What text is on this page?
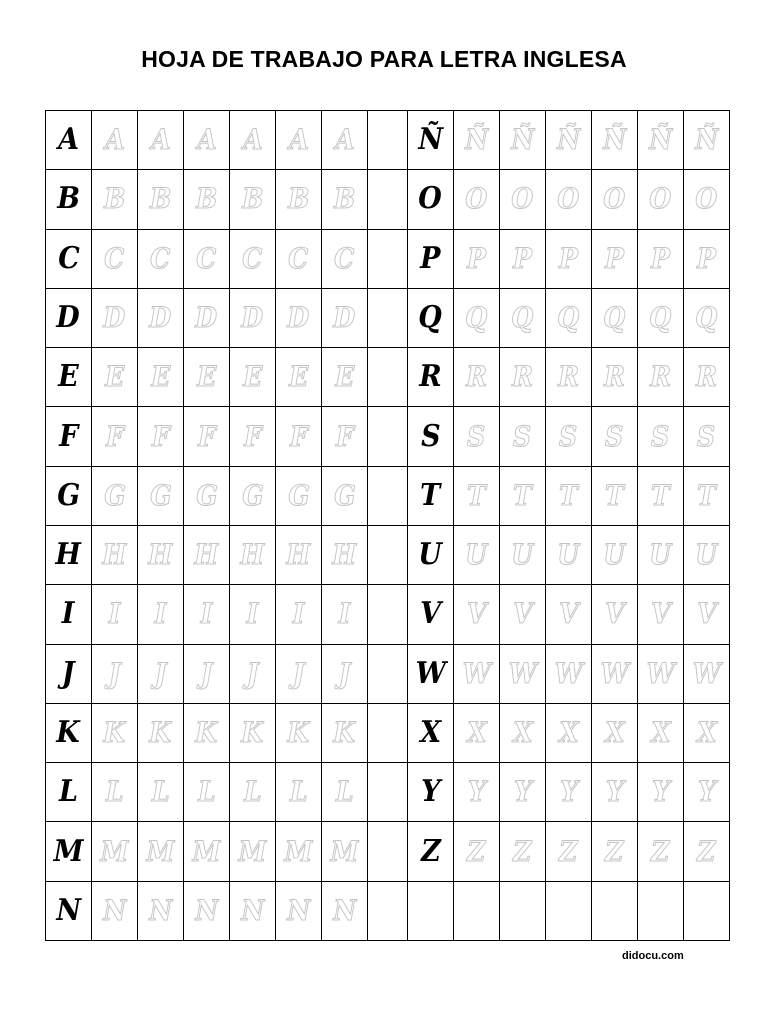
HOJA DE TRABAJO PARA LETRA INGLESA
A	A	A	A	A	A	A		Ñ	Ñ	Ñ	Ñ	Ñ	Ñ	Ñ
B	B	B	B	B	B	B		O	O	O	O	O	O	O
C	C	C	C	C	C	C		P	P	P	P	P	P	P
D	D	D	D	D	D	D		Q	Q	Q	Q	Q	Q	Q
E	E	E	E	E	E	E		R	R	R	R	R	R	R
F	F	F	F	F	F	F		S	S	S	S	S	S	S
G	G	G	G	G	G	G		T	T	T	T	T	T	T
H	H	H	H	H	H	H		U	U	U	U	U	U	U
I	I	I	I	I	I	I		V	V	V	V	V	V	V
J	J	J	J	J	J	J		W	W	W	W	W	W	W
K	K	K	K	K	K	K		X	X	X	X	X	X	X
L	L	L	L	L	L	L		Y	Y	Y	Y	Y	Y	Y
M	M	M	M	M	M	M		Z	Z	Z	Z	Z	Z	Z
N	N	N	N	N	N	N								
didocu.com
